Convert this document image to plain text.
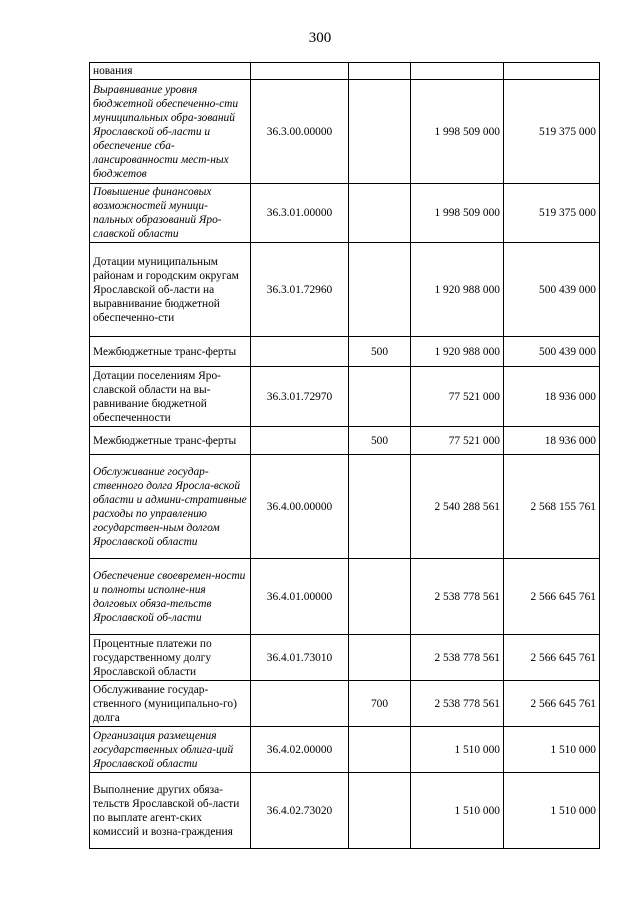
300
нования				
Выравнивание уровня бюджетной обеспеченно-сти муниципальных обра-зований Ярославской об-ласти и обеспечение сба-лансированности мест-ных бюджетов	36.3.00.00000		1 998 509 000	519 375 000
Повышение финансовых возможностей муници-пальных образований Яро-славской области	36.3.01.00000		1 998 509 000	519 375 000
Дотации муниципальным районам и городским округам Ярославской об-ласти на выравнивание бюджетной обеспеченно-сти	36.3.01.72960		1 920 988 000	500 439 000
Межбюджетные транс-ферты		500	1 920 988 000	500 439 000
Дотации поселениям Яро-славской области на вы-равнивание бюджетной обеспеченности	36.3.01.72970		77 521 000	18 936 000
Межбюджетные транс-ферты		500	77 521 000	18 936 000
Обслуживание государ-ственного долга Яросла-вской области и админи-стративные расходы по управлению государствен-ным долгом Ярославской области	36.4.00.00000		2 540 288 561	2 568 155 761
Обеспечение своевремен-ности и полноты исполне-ния долговых обяза-тельств Ярославской об-ласти	36.4.01.00000		2 538 778 561	2 566 645 761
Процентные платежи по государственному долгу Ярославской области	36.4.01.73010		2 538 778 561	2 566 645 761
Обслуживание государ-ственного (муниципально-го) долга		700	2 538 778 561	2 566 645 761
Организация размещения государственных облига-ций Ярославской области	36.4.02.00000		1 510 000	1 510 000
Выполнение других обяза-тельств Ярославской об-ласти по выплате агент-ских комиссий и возна-граждения	36.4.02.73020		1 510 000	1 510 000
